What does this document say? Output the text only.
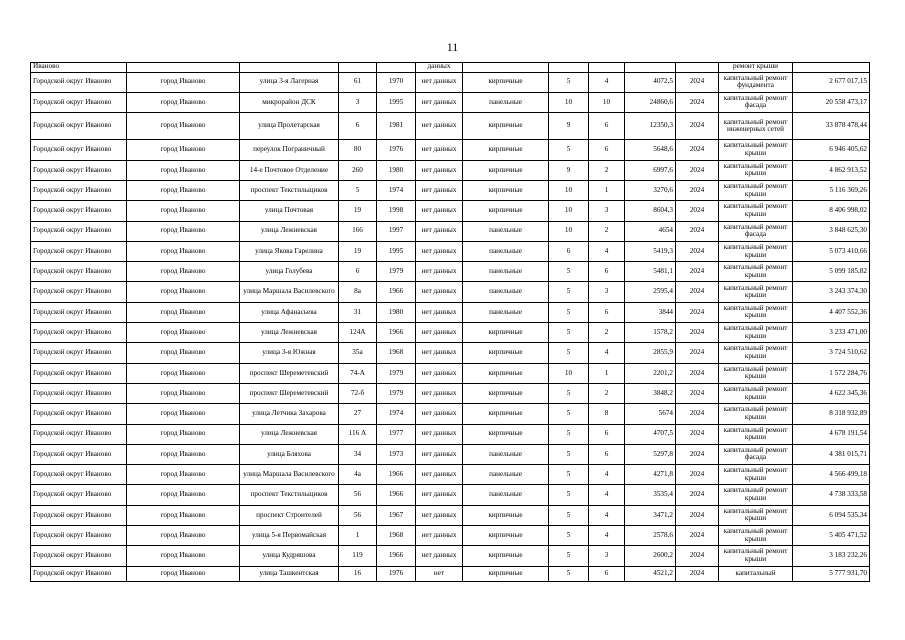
11
Иваново					данных						ремонт крыши	
Городской округ Иваново	город Иваново	улица 3-я Лагерная	61	1970	нет данных	кирпичные	5	4	4072,5	2024	капитальный ремонт фундамента	2 677 017,15
Городской округ Иваново	город Иваново	микрорайон ДСК	3	1995	нет данных	панельные	10	10	24860,6	2024	капитальный ремонт фасада	20 558 473,17
Городской округ Иваново	город Иваново	улица Пролетарская	6	1981	нет данных	кирпичные	9	6	12350,3	2024	капитальный ремонт инженерных сетей	33 878 478,44
Городской округ Иваново	город Иваново	переулок Пограничный	80	1976	нет данных	кирпичные	5	6	5648,6	2024	капитальный ремонт крыши	6 946 405,62
Городской округ Иваново	город Иваново	14-е Почтовое Отделение	260	1980	нет данных	кирпичные	9	2	6997,6	2024	капитальный ремонт крыши	4 862 913,52
Городской округ Иваново	город Иваново	проспект Текстильщиков	5	1974	нет данных	кирпичные	10	1	3270,6	2024	капитальный ремонт крыши	5 116 369,26
Городской округ Иваново	город Иваново	улица Почтовая	19	1998	нет данных	кирпичные	10	3	8604,3	2024	капитальный ремонт крыши	8 406 998,02
Городской округ Иваново	город Иваново	улица Лежневская	166	1997	нет данных	панельные	10	2	4654	2024	капитальный ремонт фасада	3 848 625,30
Городской округ Иваново	город Иваново	улица Якова Гарелина	19	1995	нет данных	панельные	6	4	5419,3	2024	капитальный ремонт крыши	5 073 410,66
Городской округ Иваново	город Иваново	улица Голубева	6	1979	нет данных	панельные	5	6	5481,1	2024	капитальный ремонт крыши	5 099 185,82
Городской округ Иваново	город Иваново	улица Маршала Василевского	8а	1966	нет данных	панельные	5	3	2595,4	2024	капитальный ремонт крыши	3 243 374,30
Городской округ Иваново	город Иваново	улица Афанасьева	31	1980	нет данных	панельные	5	6	3844	2024	капитальный ремонт крыши	4 407 552,36
Городской округ Иваново	город Иваново	улица Лежневская	124А	1966	нет данных	кирпичные	5	2	1578,2	2024	капитальный ремонт крыши	3 233 471,00
Городской округ Иваново	город Иваново	улица 3-я Южная	35а	1968	нет данных	кирпичные	5	4	2855,9	2024	капитальный ремонт крыши	3 724 510,62
Городской округ Иваново	город Иваново	проспект Шереметевский	74-А	1979	нет данных	кирпичные	10	1	2201,2	2024	капитальный ремонт крыши	1 572 284,76
Городской округ Иваново	город Иваново	проспект Шереметевский	72-б	1979	нет данных	кирпичные	5	2	3848,2	2024	капитальный ремонт крыши	4 622 345,36
Городской округ Иваново	город Иваново	улица Летчика Захарова	27	1974	нет данных	кирпичные	5	8	5674	2024	капитальный ремонт крыши	8 318 932,89
Городской округ Иваново	город Иваново	улица Лежневская	116 А	1977	нет данных	кирпичные	5	6	4707,5	2024	капитальный ремонт крыши	4 678 191,54
Городской округ Иваново	город Иваново	улица Бляхова	34	1973	нет данных	панельные	5	6	5297,8	2024	капитальный ремонт фасада	4 381 015,71
Городской округ Иваново	город Иваново	улица Маршала Василевского	4а	1966	нет данных	панельные	5	4	4271,8	2024	капитальный ремонт крыши	4 566 499,18
Городской округ Иваново	город Иваново	проспект Текстильщиков	56	1966	нет данных	панельные	5	4	3535,4	2024	капитальный ремонт крыши	4 738 333,58
Городской округ Иваново	город Иваново	проспект Строителей	56	1967	нет данных	кирпичные	5	4	3471,2	2024	капитальный ремонт крыши	6 094 535,34
Городской округ Иваново	город Иваново	улица 5-я Первомайская	1	1968	нет данных	кирпичные	5	4	2578,6	2024	капитальный ремонт крыши	5 405 471,52
Городской округ Иваново	город Иваново	улица Кудряшова	119	1966	нет данных	кирпичные	5	3	2600,2	2024	капитальный ремонт крыши	3 183 232,26
Городской округ Иваново	город Иваново	улица Ташкентская	16	1976	нет	кирпичные	5	6	4521,2	2024	капитальный	5 777 931,70
